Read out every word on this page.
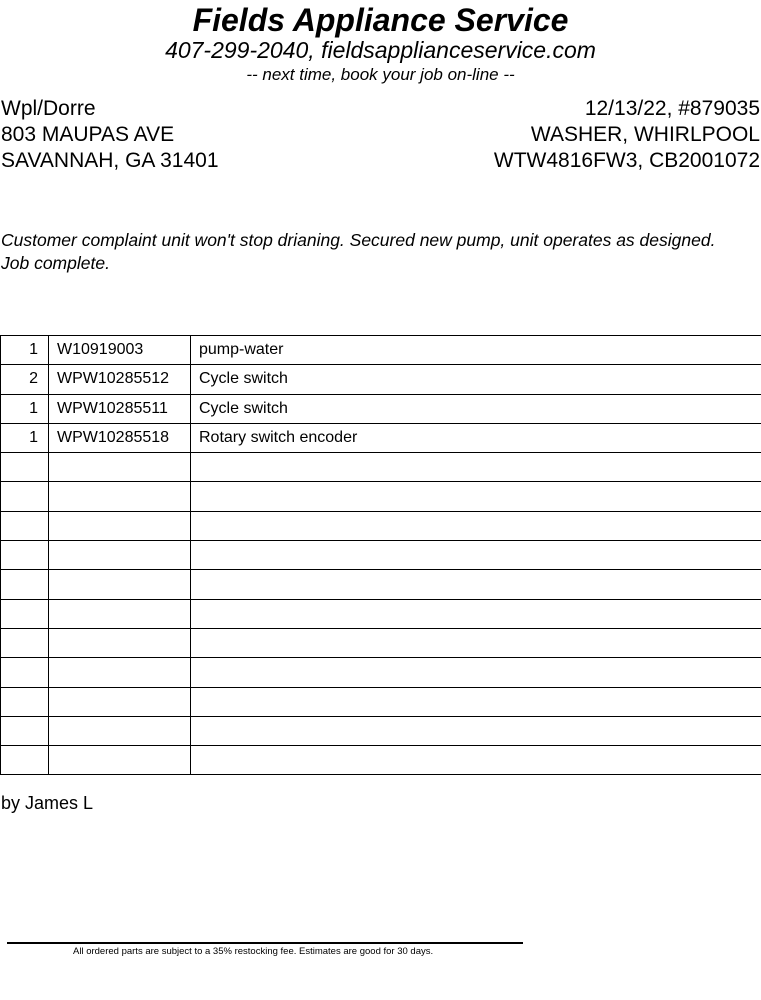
Fields Appliance Service
407-299-2040, fieldsapplianceservice.com
-- next time, book your job on-line --
Wpl/Dorre
803 MAUPAS AVE
SAVANNAH, GA 31401
12/13/22, #879035
WASHER, WHIRLPOOL
WTW4816FW3, CB2001072
Customer complaint unit won't stop drianing. Secured new pump, unit operates as designed. Job complete.
1	W10919003	pump-water
2	WPW10285512	Cycle switch
1	WPW10285511	Cycle switch
1	WPW10285518	Rotary switch encoder

by James L
All ordered parts are subject to a 35% restocking fee. Estimates are good for 30 days.
